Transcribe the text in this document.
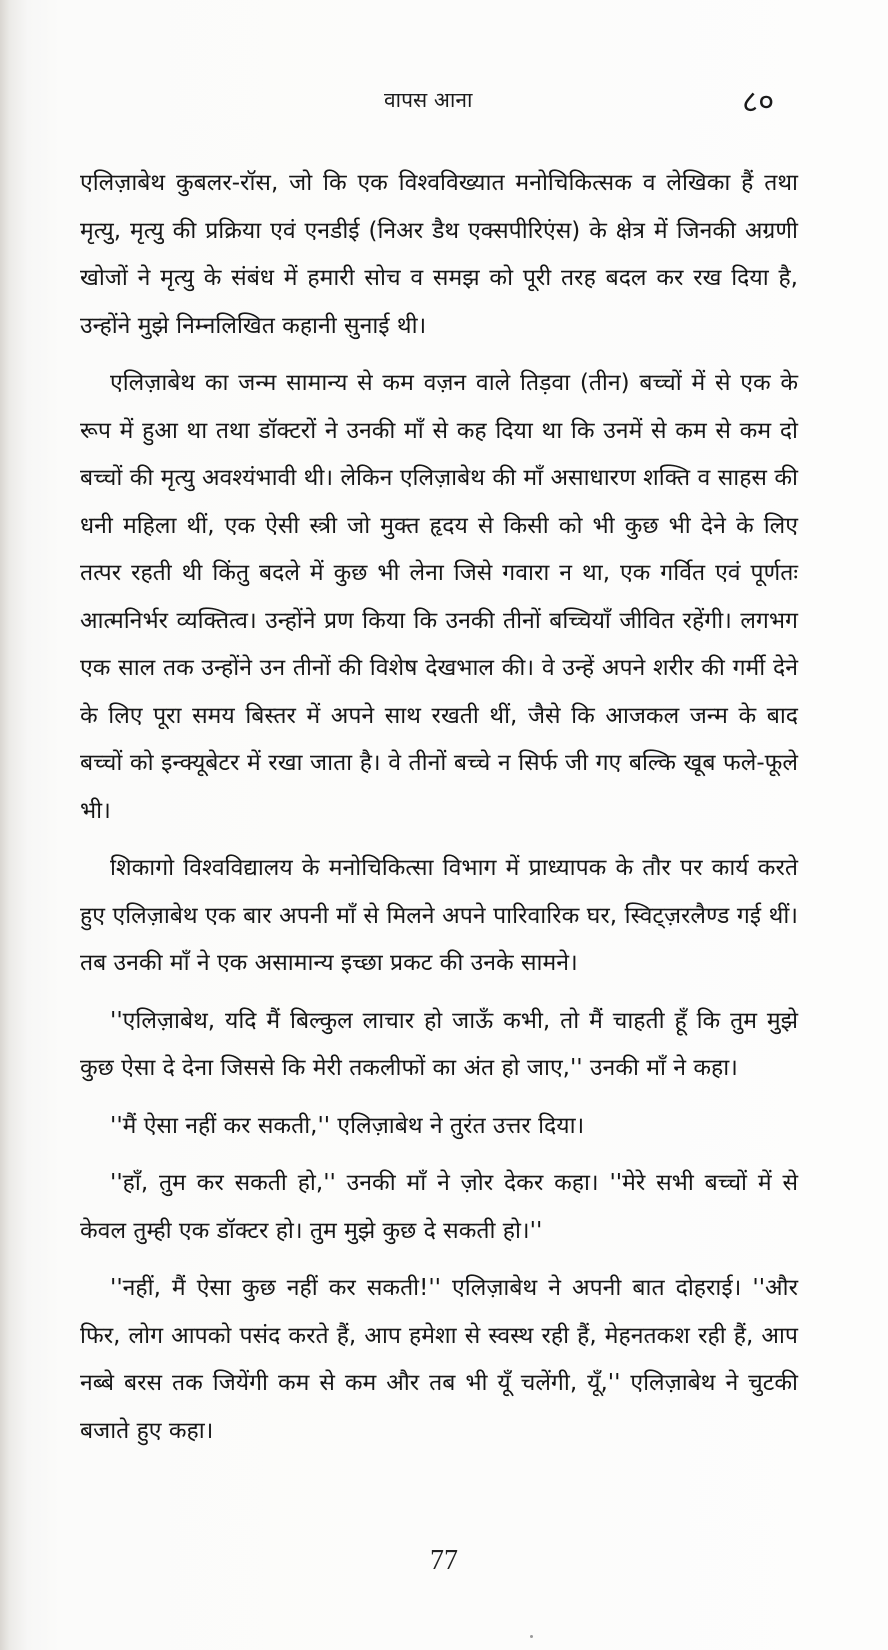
वापस आना	८०

एलिज़ाबेथ कुबलर-रॉस, जो कि एक विश्वविख्यात मनोचिकित्सक व लेखिका हैं तथा मृत्यु, मृत्यु की प्रक्रिया एवं एनडीई (निअर डैथ एक्सपीरिएंस) के क्षेत्र में जिनकी अग्रणी खोजों ने मृत्यु के संबंध में हमारी सोच व समझ को पूरी तरह बदल कर रख दिया है, उन्होंने मुझे निम्नलिखित कहानी सुनाई थी।

एलिज़ाबेथ का जन्म सामान्य से कम वज़न वाले तिड़वा (तीन) बच्चों में से एक के रूप में हुआ था तथा डॉक्टरों ने उनकी माँ से कह दिया था कि उनमें से कम से कम दो बच्चों की मृत्यु अवश्यंभावी थी। लेकिन एलिज़ाबेथ की माँ असाधारण शक्ति व साहस की धनी महिला थीं, एक ऐसी स्त्री जो मुक्त हृदय से किसी को भी कुछ भी देने के लिए तत्पर रहती थी किंतु बदले में कुछ भी लेना जिसे गवारा न था, एक गर्वित एवं पूर्णतः आत्मनिर्भर व्यक्तित्व। उन्होंने प्रण किया कि उनकी तीनों बच्चियाँ जीवित रहेंगी। लगभग एक साल तक उन्होंने उन तीनों की विशेष देखभाल की। वे उन्हें अपने शरीर की गर्मी देने के लिए पूरा समय बिस्तर में अपने साथ रखती थीं, जैसे कि आजकल जन्म के बाद बच्चों को इन्क्यूबेटर में रखा जाता है। वे तीनों बच्चे न सिर्फ जी गए बल्कि खूब फले-फूले भी।

शिकागो विश्वविद्यालय के मनोचिकित्सा विभाग में प्राध्यापक के तौर पर कार्य करते हुए एलिज़ाबेथ एक बार अपनी माँ से मिलने अपने पारिवारिक घर, स्विट्ज़रलैण्ड गई थीं। तब उनकी माँ ने एक असामान्य इच्छा प्रकट की उनके सामने।

''एलिज़ाबेथ, यदि मैं बिल्कुल लाचार हो जाऊँ कभी, तो मैं चाहती हूँ कि तुम मुझे कुछ ऐसा दे देना जिससे कि मेरी तकलीफों का अंत हो जाए,'' उनकी माँ ने कहा।

''मैं ऐसा नहीं कर सकती,'' एलिज़ाबेथ ने तुरंत उत्तर दिया।

''हाँ, तुम कर सकती हो,'' उनकी माँ ने ज़ोर देकर कहा। ''मेरे सभी बच्चों में से केवल तुम्ही एक डॉक्टर हो। तुम मुझे कुछ दे सकती हो।''

''नहीं, मैं ऐसा कुछ नहीं कर सकती!'' एलिज़ाबेथ ने अपनी बात दोहराई। ''और फिर, लोग आपको पसंद करते हैं, आप हमेशा से स्वस्थ रही हैं, मेहनतकश रही हैं, आप नब्बे बरस तक जियेंगी कम से कम और तब भी यूँ चलेंगी, यूँ,'' एलिज़ाबेथ ने चुटकी बजाते हुए कहा।

77
